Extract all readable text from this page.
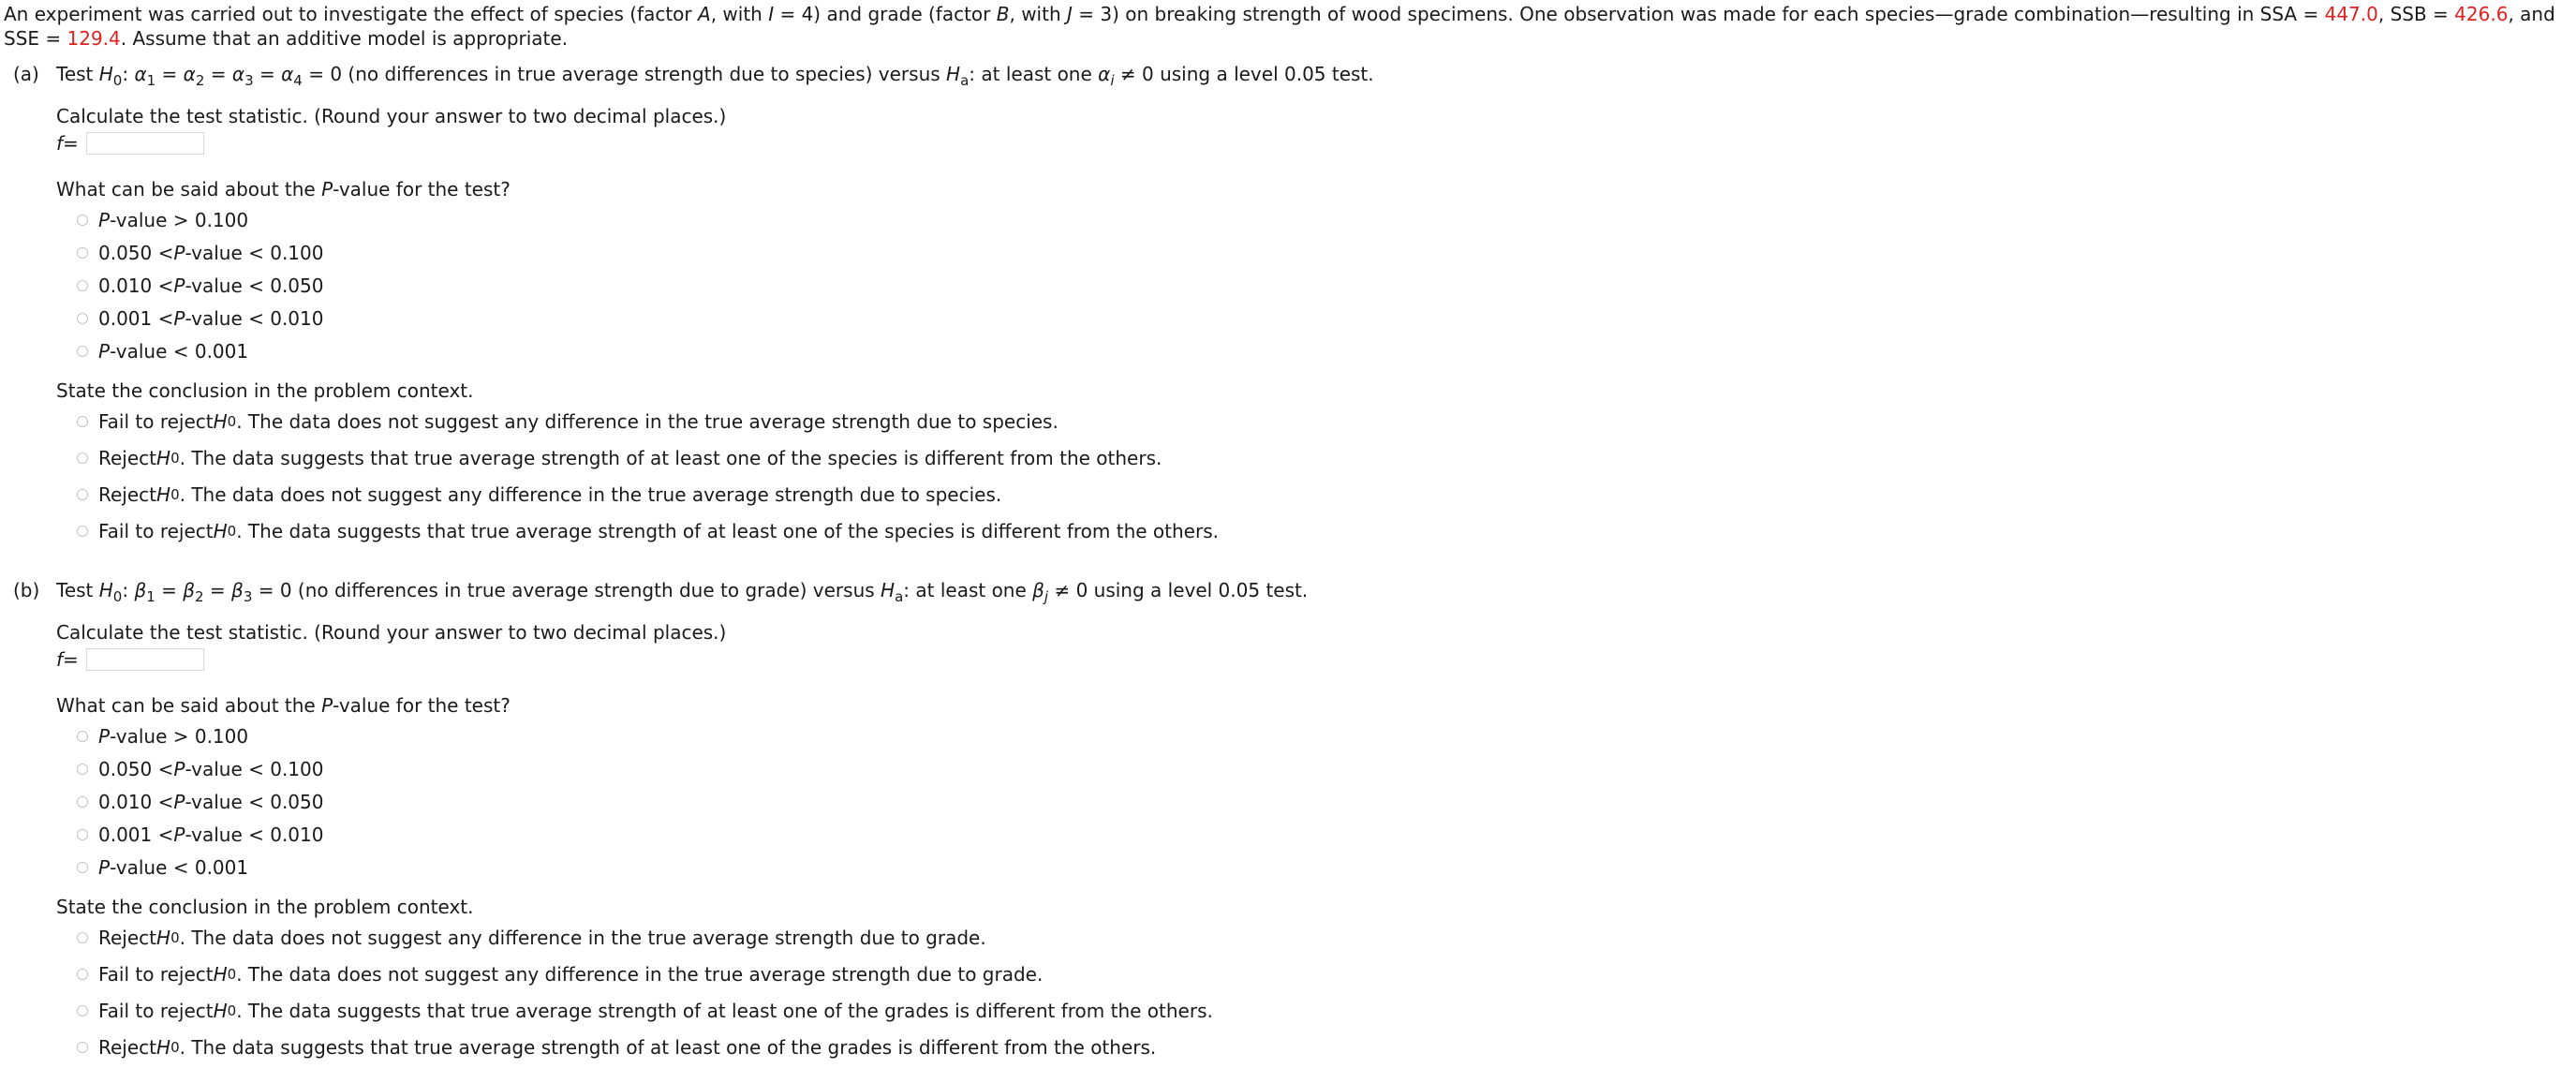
An experiment was carried out to investigate the effect of species (factor A, with I = 4) and grade (factor B, with J = 3) on breaking strength of wood specimens. One observation was made for each species—grade combination—resulting in SSA = 447.0, SSB = 426.6, and SSE = 129.4. Assume that an additive model is appropriate.
(a) Test $H_0$: $\alpha_1 = \alpha_2 = \alpha_3 = \alpha_4 = 0$ (no differences in true average strength due to species) versus $H_a$: at least one $\alpha_i \ne 0$ using a level 0.05 test.
Calculate the test statistic. (Round your answer to two decimal places.)
f =
What can be said about the P-value for the test?
P -value > 0.100
0.050 < P -value < 0.100
0.010 < P -value < 0.050
0.001 < P -value < 0.010
P -value < 0.001
State the conclusion in the problem context.
Fail to reject H 0 . The data does not suggest any difference in the true average strength due to species.
Reject H 0 . The data suggests that true average strength of at least one of the species is different from the others.
Reject H 0 . The data does not suggest any difference in the true average strength due to species.
Fail to reject H 0 . The data suggests that true average strength of at least one of the species is different from the others.
(b) Test $H_0$: $\beta_1 = \beta_2 = \beta_3 = 0$ (no differences in true average strength due to grade) versus $H_a$: at least one $\beta_j \ne 0$ using a level 0.05 test.
Calculate the test statistic. (Round your answer to two decimal places.)
f =
What can be said about the P-value for the test?
P -value > 0.100
0.050 < P -value < 0.100
0.010 < P -value < 0.050
0.001 < P -value < 0.010
P -value < 0.001
State the conclusion in the problem context.
Reject H 0 . The data does not suggest any difference in the true average strength due to grade.
Fail to reject H 0 . The data does not suggest any difference in the true average strength due to grade.
Fail to reject H 0 . The data suggests that true average strength of at least one of the grades is different from the others.
Reject H 0 . The data suggests that true average strength of at least one of the grades is different from the others.
